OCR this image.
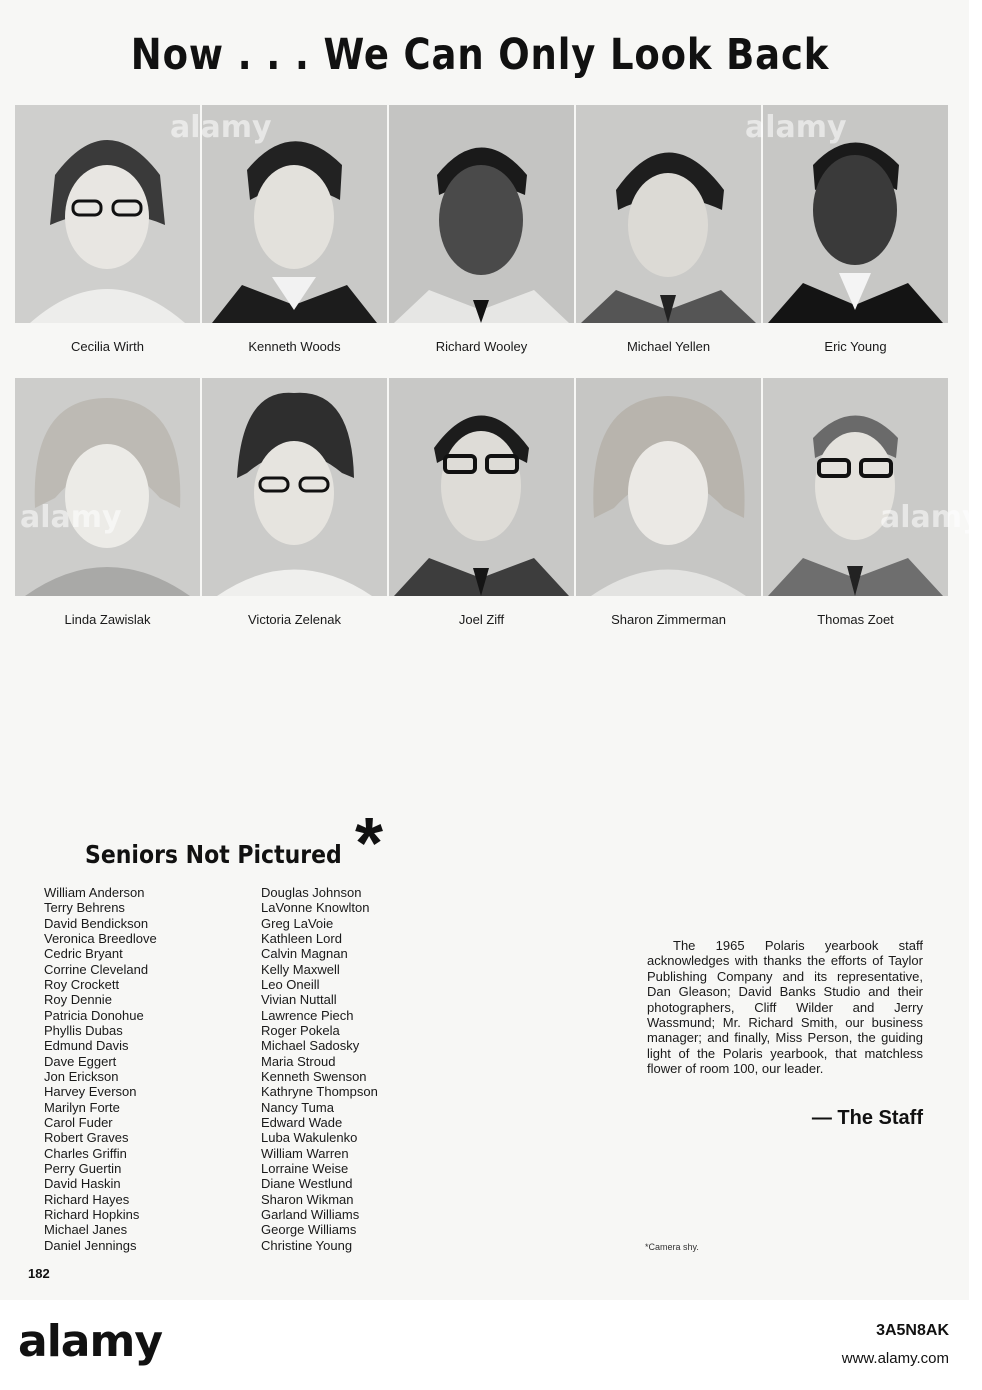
Now . . . We Can Only Look Back
Cecilia Wirth	Kenneth Woods	Richard Wooley	Michael Yellen	Eric Young
Linda Zawislak	Victoria Zelenak	Joel Ziff	Sharon Zimmerman	Thomas Zoet
Seniors Not Pictured *
William Anderson
Terry Behrens
David Bendickson
Veronica Breedlove
Cedric Bryant
Corrine Cleveland
Roy Crockett
Roy Dennie
Patricia Donohue
Phyllis Dubas
Edmund Davis
Dave Eggert
Jon Erickson
Harvey Everson
Marilyn Forte
Carol Fuder
Robert Graves
Charles Griffin
Perry Guertin
David Haskin
Richard Hayes
Richard Hopkins
Michael Janes
Daniel Jennings
Douglas Johnson
LaVonne Knowlton
Greg LaVoie
Kathleen Lord
Calvin Magnan
Kelly Maxwell
Leo Oneill
Vivian Nuttall
Lawrence Piech
Roger Pokela
Michael Sadosky
Maria Stroud
Kenneth Swenson
Kathryne Thompson
Nancy Tuma
Edward Wade
Luba Wakulenko
William Warren
Lorraine Weise
Diane Westlund
Sharon Wikman
Garland Williams
George Williams
Christine Young

The 1965 Polaris yearbook staff acknowledges with thanks the efforts of Taylor Publishing Company and its representative, Dan Gleason; David Banks Studio and their photographers, Cliff Wilder and Jerry Wassmund; Mr. Richard Smith, our business manager; and finally, Miss Person, the guiding light of the Polaris yearbook, that matchless flower of room 100, our leader.

— The Staff
*Camera shy.
182
alamy	alamy
alamy	alamy
alamy	3A5N8AK
www.alamy.com
